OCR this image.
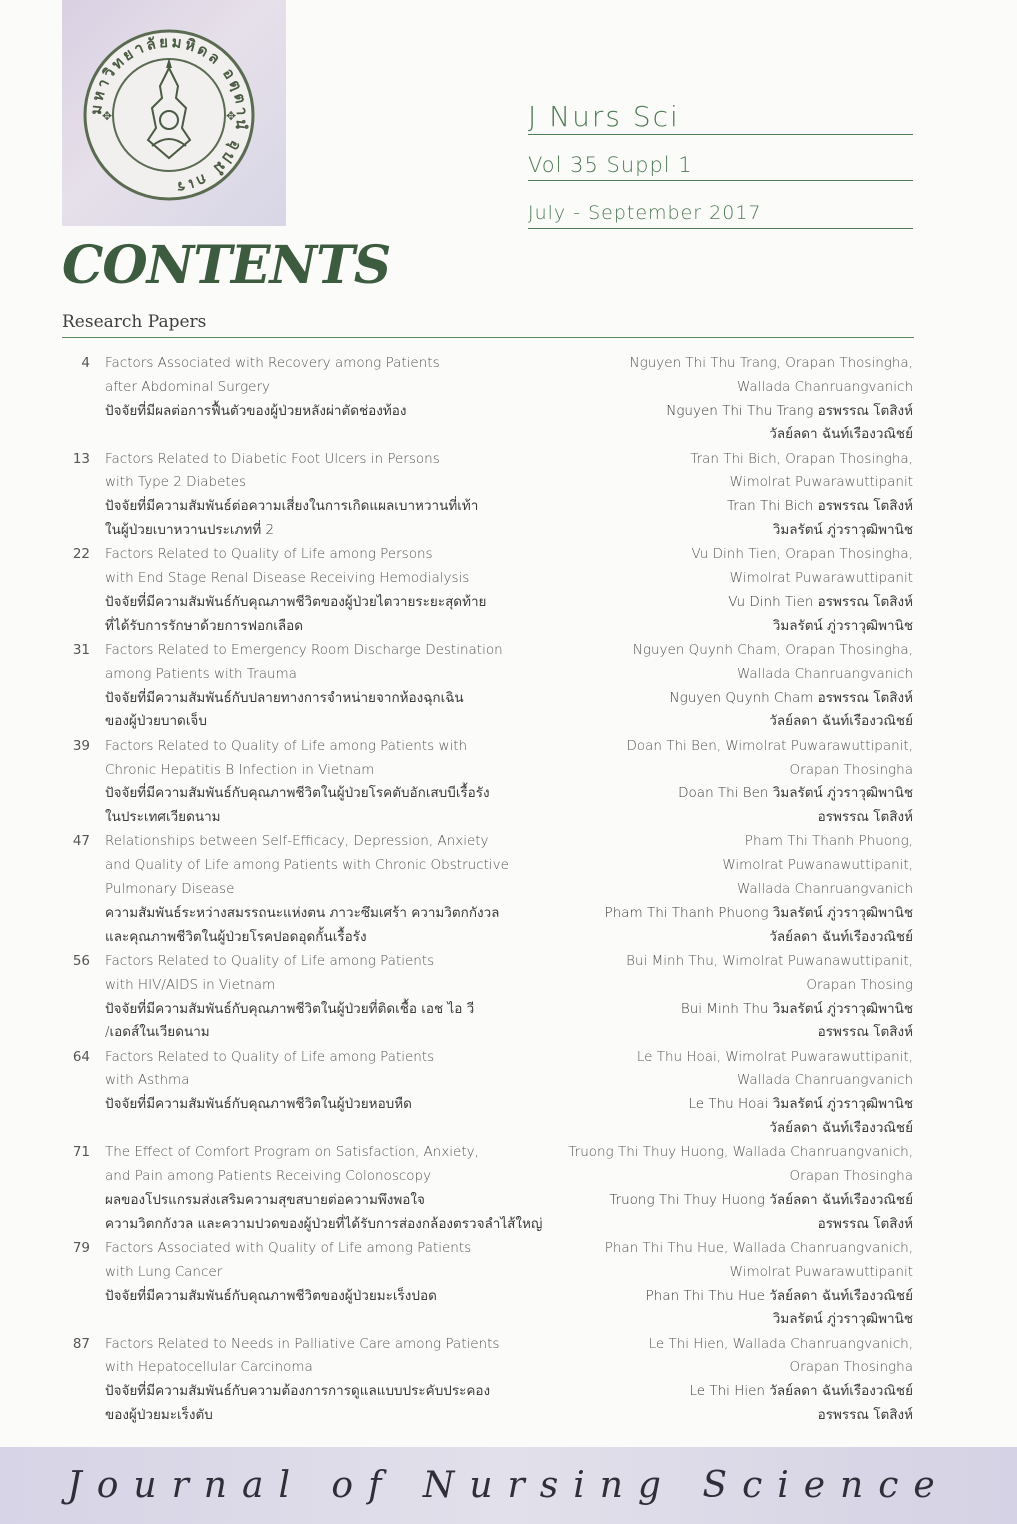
มหาวิทยาลัยมหิดล อตฺตานํ อุปมํ กเร
✥	✥	J Nurs Sci
Vol 35 Suppl 1
July - September 2017
CONTENTS
Research Papers
4 Factors Associated with Recovery among Patients
after Abdominal Surgery
ปัจจัยที่มีผลต่อการฟื้นตัวของผู้ป่วยหลังผ่าตัดช่องท้อง
Nguyen Thi Thu Trang, Orapan Thosingha,
Wallada Chanruangvanich
Nguyen Thi Thu Trang อรพรรณ โตสิงห์
วัลย์ลดา ฉันท์เรืองวณิชย์
13 Factors Related to Diabetic Foot Ulcers in Persons
with Type 2 Diabetes
ปัจจัยที่มีความสัมพันธ์ต่อความเสี่ยงในการเกิดแผลเบาหวานที่เท้า
ในผู้ป่วยเบาหวานประเภทที่ 2
Tran Thi Bich, Orapan Thosingha,
Wimolrat Puwarawuttipanit
Tran Thi Bich อรพรรณ โตสิงห์
วิมลรัตน์ ภู่วราวุฒิพานิช
22 Factors Related to Quality of Life among Persons
with End Stage Renal Disease Receiving Hemodialysis
ปัจจัยที่มีความสัมพันธ์กับคุณภาพชีวิตของผู้ป่วยไตวายระยะสุดท้าย
ที่ได้รับการรักษาด้วยการฟอกเลือด
Vu Dinh Tien, Orapan Thosingha,
Wimolrat Puwarawuttipanit
Vu Dinh Tien อรพรรณ โตสิงห์
วิมลรัตน์ ภู่วราวุฒิพานิช
31 Factors Related to Emergency Room Discharge Destination
among Patients with Trauma
ปัจจัยที่มีความสัมพันธ์กับปลายทางการจำหน่ายจากห้องฉุกเฉิน
ของผู้ป่วยบาดเจ็บ
Nguyen Quynh Cham, Orapan Thosingha,
Wallada Chanruangvanich
Nguyen Quynh Cham อรพรรณ โตสิงห์
วัลย์ลดา ฉันท์เรืองวณิชย์
39 Factors Related to Quality of Life among Patients with
Chronic Hepatitis B Infection in Vietnam
ปัจจัยที่มีความสัมพันธ์กับคุณภาพชีวิตในผู้ป่วยโรคตับอักเสบบีเรื้อรัง
ในประเทศเวียดนาม
Doan Thi Ben, Wimolrat Puwarawuttipanit,
Orapan Thosingha
Doan Thi Ben วิมลรัตน์ ภู่วราวุฒิพานิช
อรพรรณ โตสิงห์
47 Relationships between Self-Efficacy, Depression, Anxiety
and Quality of Life among Patients with Chronic Obstructive
Pulmonary Disease
ความสัมพันธ์ระหว่างสมรรถนะแห่งตน ภาวะซึมเศร้า ความวิตกกังวล
และคุณภาพชีวิตในผู้ป่วยโรคปอดอุดกั้นเรื้อรัง
Pham Thi Thanh Phuong,
Wimolrat Puwanawuttipanit,
Wallada Chanruangvanich
Pham Thi Thanh Phuong วิมลรัตน์ ภู่วราวุฒิพานิช
วัลย์ลดา ฉันท์เรืองวณิชย์
56 Factors Related to Quality of Life among Patients
with HIV/AIDS in Vietnam
ปัจจัยที่มีความสัมพันธ์กับคุณภาพชีวิตในผู้ป่วยที่ติดเชื้อ เอช ไอ วี
/เอดส์ในเวียดนาม
Bui Minh Thu, Wimolrat Puwanawuttipanit,
Orapan Thosing
Bui Minh Thu วิมลรัตน์ ภู่วราวุฒิพานิช
อรพรรณ โตสิงห์
64 Factors Related to Quality of Life among Patients
with Asthma
ปัจจัยที่มีความสัมพันธ์กับคุณภาพชีวิตในผู้ป่วยหอบหืด
Le Thu Hoai, Wimolrat Puwarawuttipanit,
Wallada Chanruangvanich
Le Thu Hoai วิมลรัตน์ ภู่วราวุฒิพานิช
วัลย์ลดา ฉันท์เรืองวณิชย์
71 The Effect of Comfort Program on Satisfaction, Anxiety,
and Pain among Patients Receiving Colonoscopy
ผลของโปรแกรมส่งเสริมความสุขสบายต่อความพึงพอใจ
ความวิตกกังวล และความปวดของผู้ป่วยที่ได้รับการส่องกล้องตรวจลำไส้ใหญ่
Truong Thi Thuy Huong, Wallada Chanruangvanich,
Orapan Thosingha
Truong Thi Thuy Huong วัลย์ลดา ฉันท์เรืองวณิชย์
อรพรรณ โตสิงห์
79 Factors Associated with Quality of Life among Patients
with Lung Cancer
ปัจจัยที่มีความสัมพันธ์กับคุณภาพชีวิตของผู้ป่วยมะเร็งปอด
Phan Thi Thu Hue, Wallada Chanruangvanich,
Wimolrat Puwarawuttipanit
Phan Thi Thu Hue วัลย์ลดา ฉันท์เรืองวณิชย์
วิมลรัตน์ ภู่วราวุฒิพานิช
87 Factors Related to Needs in Palliative Care among Patients
with Hepatocellular Carcinoma
ปัจจัยที่มีความสัมพันธ์กับความต้องการการดูแลแบบประคับประคอง
ของผู้ป่วยมะเร็งตับ
Le Thi Hien, Wallada Chanruangvanich,
Orapan Thosingha
Le Thi Hien วัลย์ลดา ฉันท์เรืองวณิชย์
อรพรรณ โตสิงห์
Journal of Nursing Science
